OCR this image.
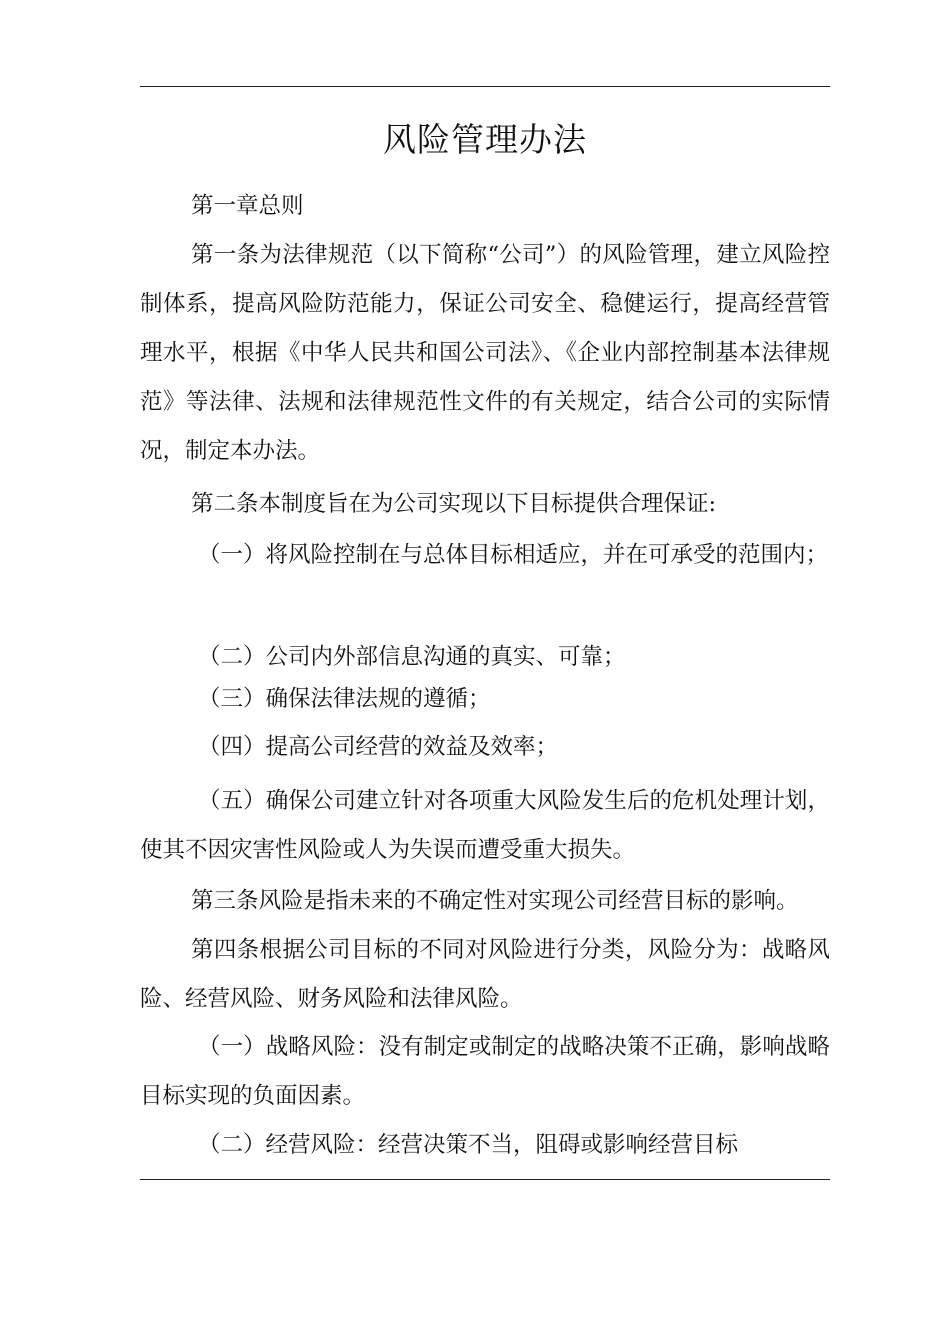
风险管理办法
第一章总则
第一条为法律规范（以下简称“公司”）的风险管理，建立风险控制体系，提高风险防范能力，保证公司安全、稳健运行，提高经营管理水平，根据《中华人民共和国公司法》、《企业内部控制基本法律规范》等法律、法规和法律规范性文件的有关规定，结合公司的实际情况，制定本办法。
第二条本制度旨在为公司实现以下目标提供合理保证:
（一）将风险控制在与总体目标相适应，并在可承受的范围内；
（二）公司内外部信息沟通的真实、可靠；
（三）确保法律法规的遵循；
（四）提高公司经营的效益及效率；
（五）确保公司建立针对各项重大风险发生后的危机处理计划，使其不因灾害性风险或人为失误而遭受重大损失。
第三条风险是指未来的不确定性对实现公司经营目标的影响。
第四条根据公司目标的不同对风险进行分类，风险分为：战略风险、经营风险、财务风险和法律风险。
（一）战略风险：没有制定或制定的战略决策不正确，影响战略目标实现的负面因素。
（二）经营风险：经营决策不当，阻碍或影响经营目标
